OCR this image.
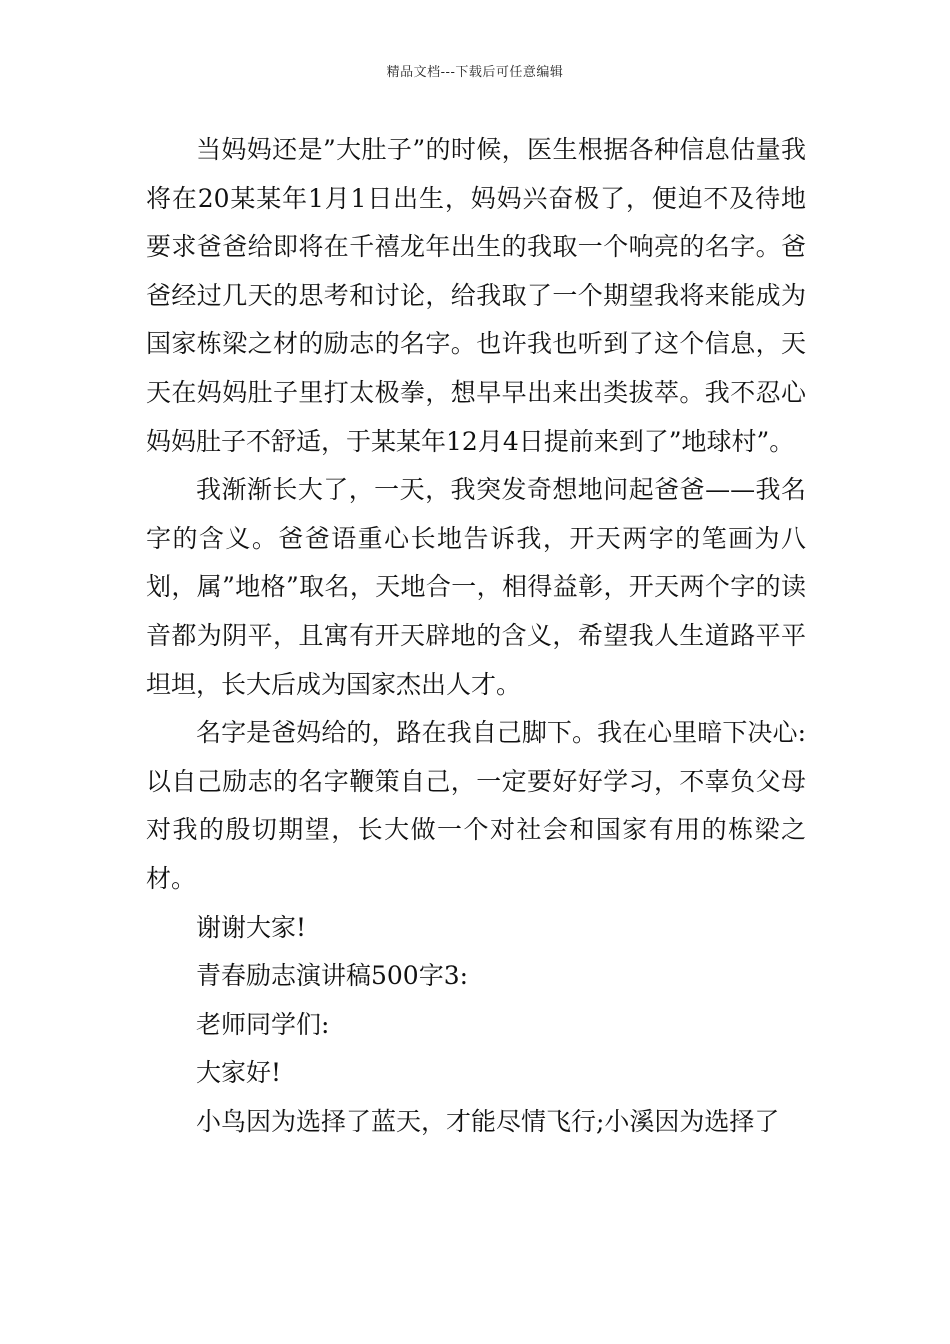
精品文档---下载后可任意编辑

当妈妈还是”大肚子”的时候，医生根据各种信息估量我将在20某某年1月1日出生，妈妈兴奋极了，便迫不及待地要求爸爸给即将在千禧龙年出生的我取一个响亮的名字。爸爸经过几天的思考和讨论，给我取了一个期望我将来能成为国家栋梁之材的励志的名字。也许我也听到了这个信息，天天在妈妈肚子里打太极拳，想早早出来出类拔萃。我不忍心妈妈肚子不舒适，于某某年12月4日提前来到了”地球村”。

我渐渐长大了，一天，我突发奇想地问起爸爸——我名字的含义。爸爸语重心长地告诉我，开天两字的笔画为八划，属”地格”取名，天地合一，相得益彰，开天两个字的读音都为阴平，且寓有开天辟地的含义，希望我人生道路平平坦坦，长大后成为国家杰出人才。

名字是爸妈给的，路在我自己脚下。我在心里暗下决心:以自己励志的名字鞭策自己，一定要好好学习，不辜负父母对我的殷切期望，长大做一个对社会和国家有用的栋梁之材。

谢谢大家!

青春励志演讲稿500字3:

老师同学们:

大家好!

小鸟因为选择了蓝天，才能尽情飞行;小溪因为选择了
